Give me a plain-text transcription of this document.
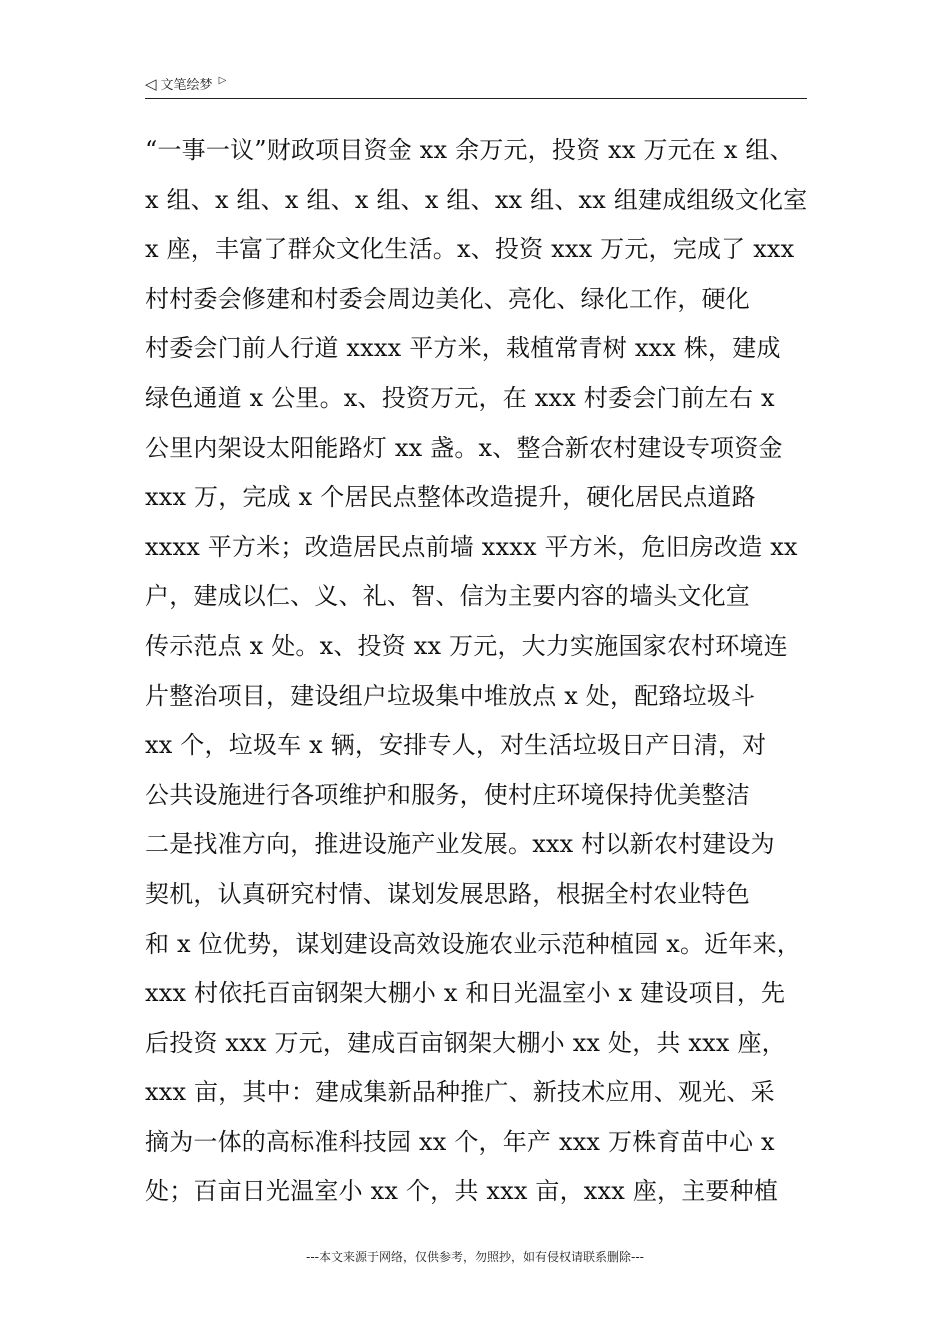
◁ 文笔绘梦 ▷
“一事一议”财政项目资金 xx 余万元，投资 xx 万元在 x 组、
x 组、x 组、x 组、x 组、x 组、xx 组、xx 组建成组级文化室
x 座，丰富了群众文化生活。x、投资 xxx 万元，完成了 xxx
村村委会修建和村委会周边美化、亮化、绿化工作，硬化
村委会门前人行道 xxxx 平方米，栽植常青树 xxx 株，建成
绿色通道 x 公里。x、投资万元，在 xxx 村委会门前左右 x
公里内架设太阳能路灯 xx 盏。x、整合新农村建设专项资金
xxx 万，完成 x 个居民点整体改造提升，硬化居民点道路
xxxx 平方米；改造居民点前墙 xxxx 平方米，危旧房改造 xx
户，建成以仁、义、礼、智、信为主要内容的墙头文化宣
传示范点 x 处。x、投资 xx 万元，大力实施国家农村环境连
片整治项目，建设组户垃圾集中堆放点 x 处，配臵垃圾斗
xx 个，垃圾车 x 辆，安排专人，对生活垃圾日产日清，对
公共设施进行各项维护和服务，使村庄环境保持优美整洁
二是找准方向，推进设施产业发展。xxx 村以新农村建设为
契机，认真研究村情、谋划发展思路，根据全村农业特色
和 x 位优势，谋划建设高效设施农业示范种植园 x。近年来，
xxx 村依托百亩钢架大棚小 x 和日光温室小 x 建设项目，先
后投资 xxx 万元，建成百亩钢架大棚小 xx 处，共 xxx 座，
xxx 亩，其中：建成集新品种推广、新技术应用、观光、采
摘为一体的高标准科技园 xx 个，年产 xxx 万株育苗中心 x
处；百亩日光温室小 xx 个，共 xxx 亩，xxx 座，主要种植
---本文来源于网络，仅供参考，勿照抄，如有侵权请联系删除---
